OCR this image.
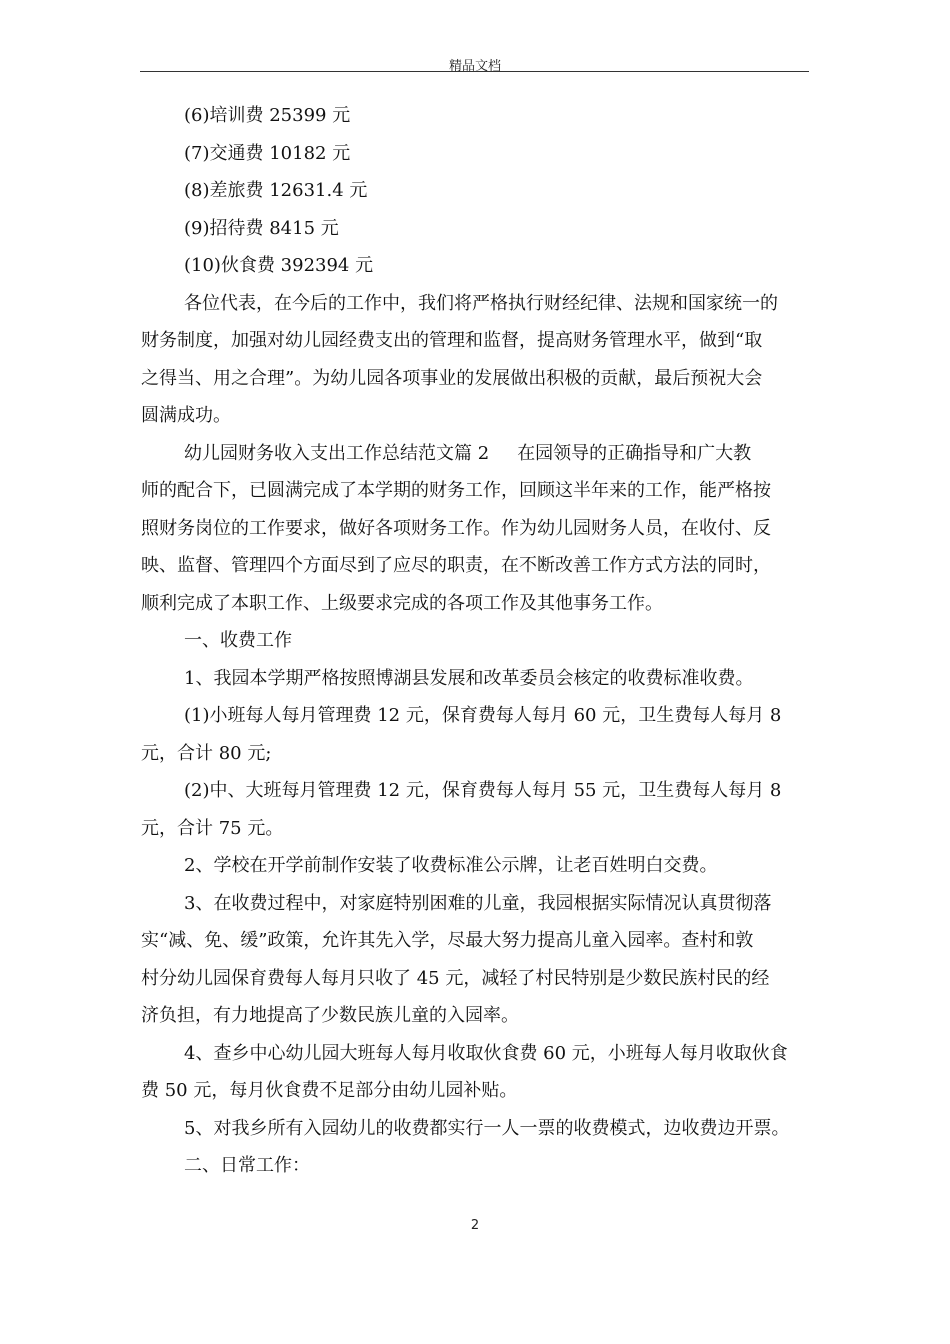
精品文档
(6)培训费 25399 元
(7)交通费 10182 元
(8)差旅费 12631.4 元
(9)招待费 8415 元
(10)伙食费 392394 元
各位代表，在今后的工作中，我们将严格执行财经纪律、法规和国家统一的
财务制度，加强对幼儿园经费支出的管理和监督，提高财务管理水平，做到“取
之得当、用之合理”。为幼儿园各项事业的发展做出积极的贡献，最后预祝大会
圆满成功。
幼儿园财务收入支出工作总结范文篇 2 在园领导的正确指导和广大教
师的配合下，已圆满完成了本学期的财务工作，回顾这半年来的工作，能严格按
照财务岗位的工作要求，做好各项财务工作。作为幼儿园财务人员，在收付、反
映、监督、管理四个方面尽到了应尽的职责，在不断改善工作方式方法的同时，
顺利完成了本职工作、上级要求完成的各项工作及其他事务工作。
一、收费工作
1、我园本学期严格按照博湖县发展和改革委员会核定的收费标准收费。
(1)小班每人每月管理费 12 元，保育费每人每月 60 元，卫生费每人每月 8
元，合计 80 元;
(2)中、大班每月管理费 12 元，保育费每人每月 55 元，卫生费每人每月 8
元，合计 75 元。
2、学校在开学前制作安装了收费标准公示牌，让老百姓明白交费。
3、在收费过程中，对家庭特别困难的儿童，我园根据实际情况认真贯彻落
实“减、免、缓”政策，允许其先入学，尽最大努力提高儿童入园率。查村和敦
村分幼儿园保育费每人每月只收了 45 元，减轻了村民特别是少数民族村民的经
济负担，有力地提高了少数民族儿童的入园率。
4、查乡中心幼儿园大班每人每月收取伙食费 60 元，小班每人每月收取伙食
费 50 元，每月伙食费不足部分由幼儿园补贴。
5、对我乡所有入园幼儿的收费都实行一人一票的收费模式，边收费边开票。
二、日常工作：
2
